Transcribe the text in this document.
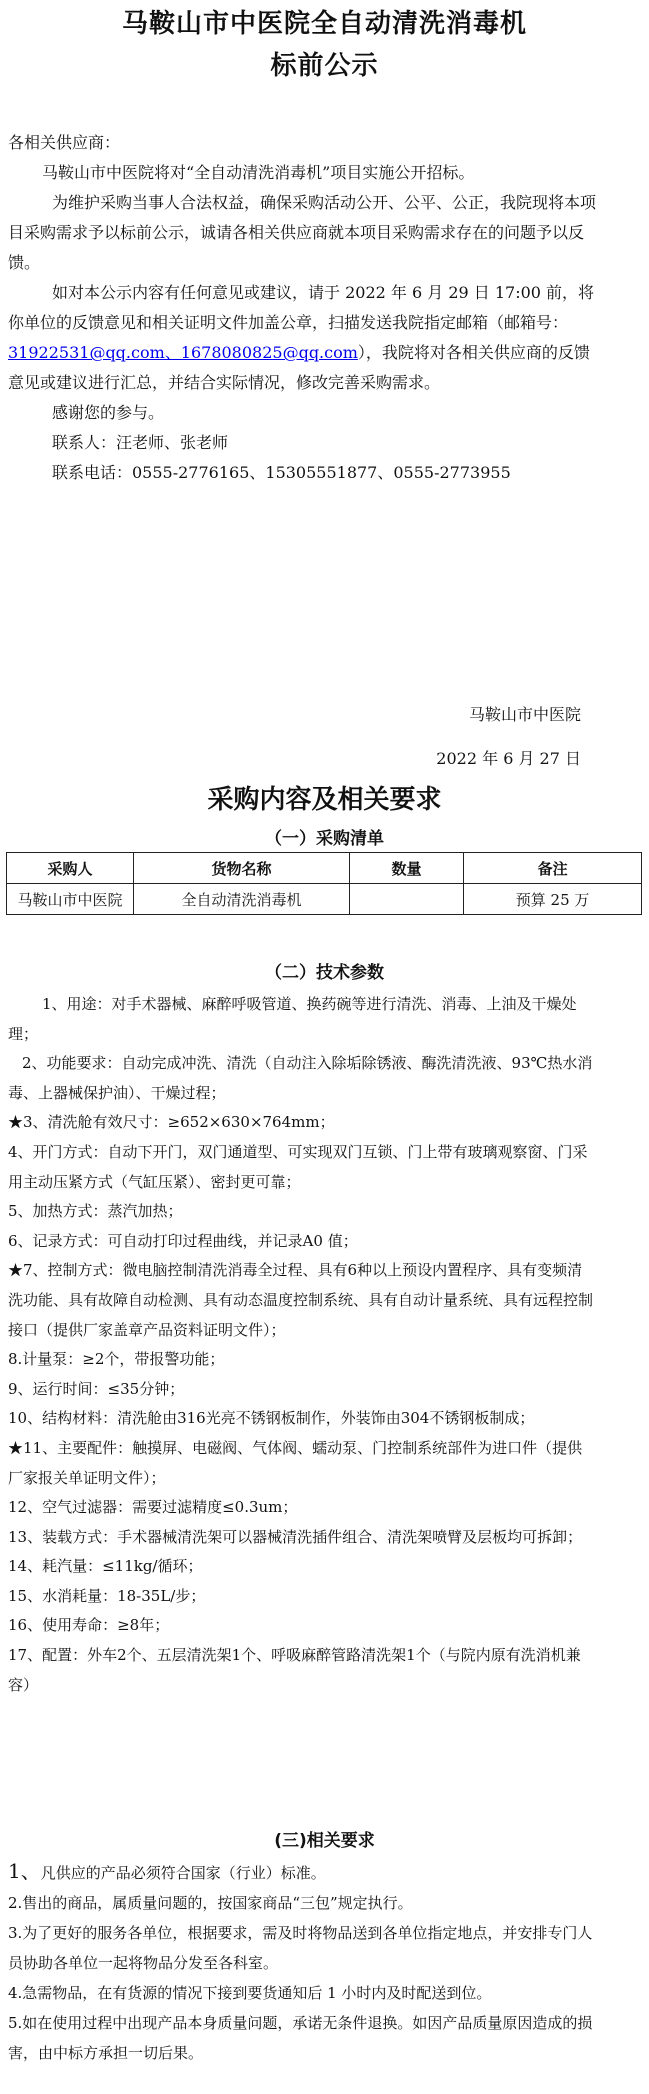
马鞍山市中医院全自动清洗消毒机
标前公示

各相关供应商：

马鞍山市中医院将对“全自动清洗消毒机”项目实施公开招标。

为维护采购当事人合法权益，确保采购活动公开、公平、公正，我院现将本项目采购需求予以标前公示，诚请各相关供应商就本项目采购需求存在的问题予以反馈。

如对本公示内容有任何意见或建议，请于 2022 年 6 月 29 日 17:00 前，将你单位的反馈意见和相关证明文件加盖公章，扫描发送我院指定邮箱（邮箱号：31922531@qq.com、1678080825@qq.com），我院将对各相关供应商的反馈意见或建议进行汇总，并结合实际情况，修改完善采购需求。

感谢您的参与。

联系人：汪老师、张老师

联系电话：0555-2776165、15305551877、0555-2773955

马鞍山市中医院
2022 年 6 月 27 日
采购内容及相关要求
（一）采购清单
采购人	货物名称	数量	备注
马鞍山市中医院	全自动清洗消毒机		预算 25 万
（二）技术参数

1、用途：对手术器械、麻醉呼吸管道、换药碗等进行清洗、消毒、上油及干燥处理；

2、功能要求：自动完成冲洗、清洗（自动注入除垢除锈液、酶洗清洗液、93℃热水消毒、上器械保护油）、干燥过程；

★3、清洗舱有效尺寸：≥652×630×764mm；

4、开门方式：自动下开门，双门通道型、可实现双门互锁、门上带有玻璃观察窗、门采用主动压紧方式（气缸压紧）、密封更可靠；

5、加热方式：蒸汽加热；

6、记录方式：可自动打印过程曲线，并记录A0 值；

★7、控制方式：微电脑控制清洗消毒全过程、具有6种以上预设内置程序、具有变频清洗功能、具有故障自动检测、具有动态温度控制系统、具有自动计量系统、具有远程控制接口（提供厂家盖章产品资料证明文件）；

8.计量泵：≥2个，带报警功能；

9、运行时间：≤35分钟；

10、结构材料：清洗舱由316光亮不锈钢板制作，外装饰由304不锈钢板制成；

★11、主要配件：触摸屏、电磁阀、气体阀、蠕动泵、门控制系统部件为进口件（提供厂家报关单证明文件）；

12、空气过滤器：需要过滤精度≤0.3um；

13、装载方式：手术器械清洗架可以器械清洗插件组合、清洗架喷臂及层板均可拆卸；

14、耗汽量：≤11kg/循环；

15、水消耗量：18-35L/步；

16、使用寿命：≥8年；

17、配置：外车2个、五层清洗架1个、呼吸麻醉管路清洗架1个（与院内原有洗消机兼容）

(三)相关要求

1、凡供应的产品必须符合国家（行业）标准。

2.售出的商品，属质量问题的，按国家商品“三包”规定执行。

3.为了更好的服务各单位，根据要求，需及时将物品送到各单位指定地点，并安排专门人员协助各单位一起将物品分发至各科室。

4.急需物品，在有货源的情况下接到要货通知后 1 小时内及时配送到位。

5.如在使用过程中出现产品本身质量问题，承诺无条件退换。如因产品质量原因造成的损害，由中标方承担一切后果。
